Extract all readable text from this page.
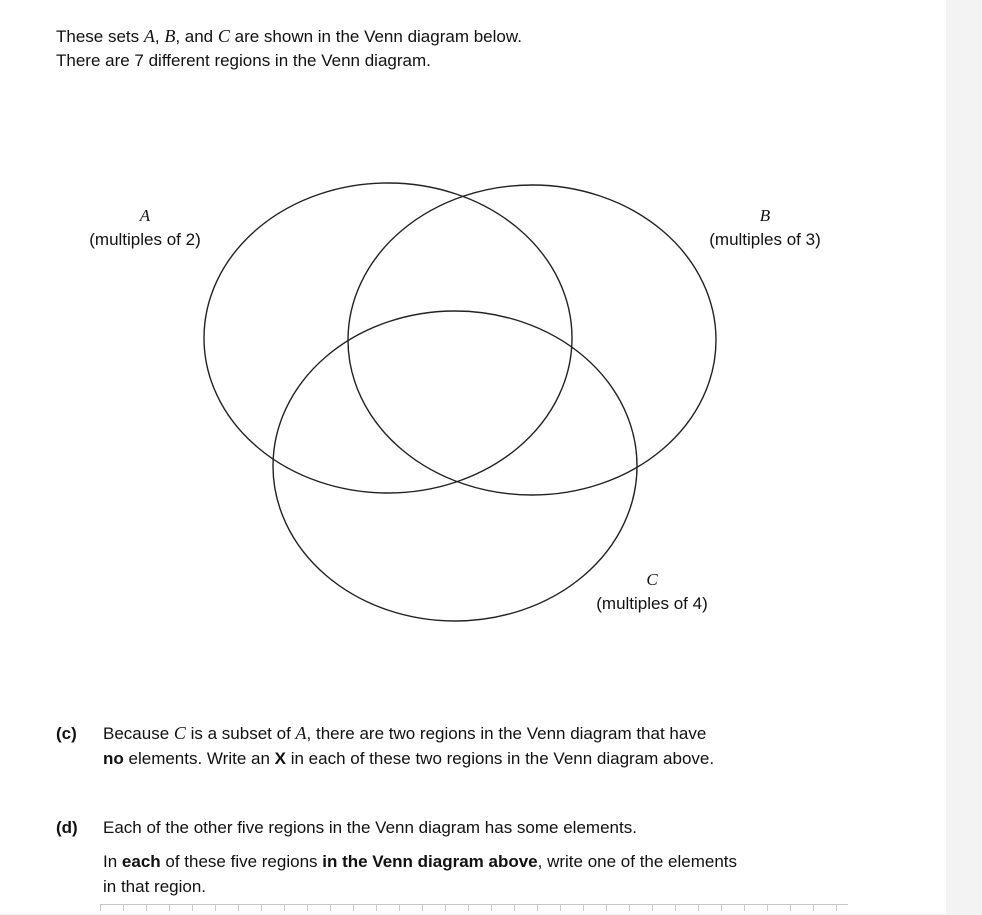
These sets A, B, and C are shown in the Venn diagram below.
There are 7 different regions in the Venn diagram.
A
(multiples of 2)
B
(multiples of 3)
C
(multiples of 4)
(c) Because C is a subset of A, there are two regions in the Venn diagram that have
no elements. Write an X in each of these two regions in the Venn diagram above.
(d) Each of the other five regions in the Venn diagram has some elements.
In each of these five regions in the Venn diagram above, write one of the elements
in that region.
